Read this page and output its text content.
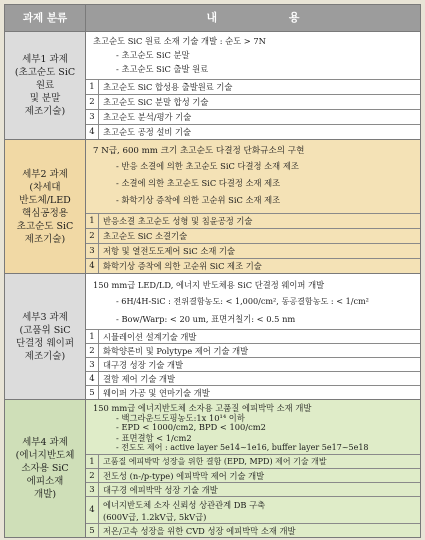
과제 분류	내 용
세부1 과제
(초고순도 SiC
원료
및 분말
제조기술)
초고순도 SiC 원료 소재 기술 개발 : 순도 > 7N
- 초고순도 SiC 분말
- 초고순도 SiC 출발 원료
1 초고순도 SiC 합성용 출발원료 기술
2 초고순도 SiC 분말 합성 기술
3 초고순도 분석/평가 기술
4 초고순도 공정 설비 기술
세부2 과제
(차세대
반도체/LED
핵심공정용
초고순도 SiC
제조기술)
7 N급, 600 mm 크기 초고순도 다결정 단화규소의 구현
- 반응 소결에 의한 초고순도 SiC 다결정 소재 제조
- 소결에 의한 초고순도 SiC 다결정 소재 제조
- 화학기상 증착에 의한 고순위 SiC 소재 제조
1 반응소결 초고순도 성형 및 침윤공정 기술
2 초고순도 SiC 소결기술
3 저항 및 열전도도제어 SiC 소재 기술
4 화학기상 증착에 의한 고순위 SiC 제조 기술
세부3 과제
(고품위 SiC
단결정 웨이퍼
제조기술)
150 mm급 LED/LD, 에너지 반도체용 SiC 단결정 웨이퍼 개발
- 6H/4H-SiC : 전위결함농도: < 1,000/cm², 동공결함농도 : < 1/cm²
- Bow/Warp: < 20 um, 표면거칠기: < 0.5 nm
1 시뮬레이션 설계기술 개발
2 화학양론비 및 Polytype 제어 기술 개발
3 대구경 성장 기술 개발
4 결함 제어 기술 개발
5 웨이퍼 가공 및 연마기술 개발
세부4 과제
(에너지반도체
소자용 SiC
에피소재
개발)
150 mm급 에너지반도체 소자용 고품질 에피박막 소재 개발
- 백그라운드도핑농도:1x 10¹⁴ 이하
- EPD < 1000/cm2, BPD < 100/cm2
- 표면결함 < 1/cm2
- 전도도 제어 : active layer 5e14~1e16, buffer layer 5e17~5e18
1	고품질 에피박막 성장을 위한 결함 (EPD, MPD) 제어 기술 개발
2 전도성 (n-/p-type) 에피박막 제어 기술 개발
3 대구경 에피박막 성장 기술 개발
4 에너지반도체 소자 신뢰성 상관관계 DB 구축
(600V급, 1.2kV급, 5kV급)
5 저온/고속 성장을 위한 CVD 성장 에피박막 소재 개발
